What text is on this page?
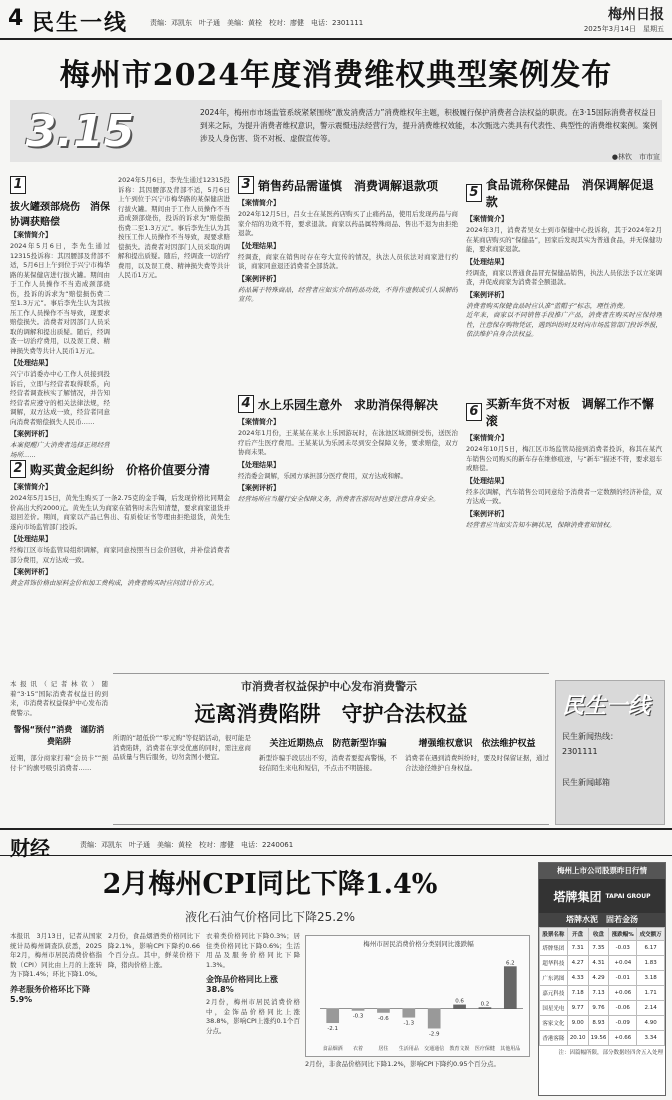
4 民生一线	责编：邓凯东　叶子通　美编：黄栓　校对：廖健　电话：2301111	梅州日报
2025年3月14日　星期五
梅州市2024年度消费维权典型案例发布
3.15	2024年，梅州市市场监管系统紧紧围绕“激发消费活力”消费维权年主题，积极履行保护消费者合法权益的职责。在3·15国际消费者权益日到来之际，为提升消费者维权意识，警示震慑违法经营行为，提升消费维权效能，本次甄选六类具有代表性、典型性的消费维权案例。案例涉及人身伤害、货不对板、虚假宣传等。
●林钦　市市宣
1
拔火罐颈部烧伤　消保协调获赔偿
【案情简介】
2024年5月6日，李先生通过12315投诉称：其因腰部及背部不适，5月6日上午到位于兴宁市梅华路的某保健店进行拔火罐。期间由于工作人员操作不当造成颈部烧伤，投诉的诉求为“赔偿损伤费二至1.3万元”。事后李先生认为其按压工作人员操作不当导致，现要求赔偿损失。消费者对因部门人员采取的调解和提出质疑。随后，经调查一切治疗费用，以及误工费、精神损失费等共计人民币1万元。
【处理结果】
兴宁市消委办中心工作人员接到投诉后，立即与经营者取得联系，向经营者调查核实了解情况，并告知经营者应遵守的相关法律法规，经调解，双方达成一致，经营者同意向消费者赔偿损失人民币……
【案例评析】
本案提醒广大消费者选择正规经营场所……
2024年5月6日，李先生通过12315投诉称：其因腰部及背部不适，5月6日上午到位于兴宁市梅华路的某保健店进行拔火罐。期间由于工作人员操作不当造成颈部烧伤，投诉的诉求为“赔偿损伤费二至1.3万元”。事后李先生认为其按压工作人员操作不当导致，现要求赔偿损失。消费者对因部门人员采取的调解和提出质疑。随后，经调查一切治疗费用，以及误工费、精神损失费等共计人民币1万元。
2 购买黄金起纠纷　价格价值要分清
【案情简介】
2024年5月15日，黄先生购买了一条2.75克的金手镯，后发现价格比同期金价高出大约2000元。黄先生认为商家在销售时未告知清楚，要求商家退货并退回差价。期间，商家以产品已售出、有质检证书等理由拒绝退货，黄先生遂向市场监管部门投诉。
【处理结果】
经梅江区市场监管局组织调解，商家同意按照当日金价回收，并补偿消费者部分费用，双方达成一致。
【案例评析】
黄金首饰价格由原料金价和加工费构成，消费者购买时应问清计价方式。
3 销售药品需谨慎　消费调解退款项
【案情简介】
2024年12月5日，吕女士在某医药店购买了止痛药品，使用后发现药品与商家介绍的功效不符，要求退款。商家以药品属特殊商品、售出不退为由拒绝退款。
【处理结果】
经调查，商家在销售时存在夸大宣传的情况，执法人员依法对商家进行约谈，商家同意退还消费者全部货款。
【案例评析】
药品属于特殊商品，经营者应如实介绍药品功效，不得作虚假或引人误解的宣传。
4 水上乐园生意外　求助消保得解决
【案情简介】
2024年1月份，王某某在某水上乐园游玩时，在泳池区域滑倒受伤，送医治疗后产生医疗费用。王某某认为乐园未尽到安全保障义务，要求赔偿，双方协商未果。
【处理结果】
经消委会调解，乐园方承担部分医疗费用，双方达成和解。
【案例评析】
经营场所应当履行安全保障义务，消费者在游玩时也要注意自身安全。
5 食品谎称保健品　消保调解促退款
【案情简介】
2024年3月，消费者吴女士到市保健中心投诉称，其于2024年2月在某商店购买的“保健品”，回家后发现其实为普通食品，并无保健功能，要求商家退款。
【处理结果】
经调查，商家以普通食品冒充保健品销售，执法人员依法予以立案调查，并促成商家为消费者全额退款。
【案例评析】
消费者购买保健食品时应认准“蓝帽子”标志，理性消费。
近年来，商家以不同销售手段推广产品，消费者在购买时应保持理性，注意保存购物凭证，遇到纠纷时及时向市场监管部门投诉举报，依法维护自身合法权益。
6 买新车货不对板　调解工作不懈滚
【案情简介】
2024年10月5日，梅江区市场监管局接到消费者投诉，称其在某汽车销售公司购买的新车存在维修痕迹，与“新车”描述不符，要求退车或赔偿。
【处理结果】
经多次调解，汽车销售公司同意给予消费者一定数额的经济补偿，双方达成一致。
【案例评析】
经营者应当如实告知车辆状况，保障消费者知情权。
本报讯（记者林钦）随着“3·15”国际消费者权益日的到来，市消费者权益保护中心发布消费警示。
警惕“预付”消费　谨防消费陷阱
近期，部分商家打着“会员卡”“预付卡”的旗号吸引消费者……
市消费者权益保护中心发布消费警示
远离消费陷阱　守护合法权益
所谓的“超低价”“零元购”等促销活动，很可能是消费陷阱，消费者在享受优惠的同时，需注意商品质量与售后服务，切勿贪图小便宜。
关注近期热点　防范新型诈骗
新型诈骗手段层出不穷，消费者要提高警惕，不轻信陌生来电和短信，不点击不明链接。
增强维权意识　依法维护权益
消费者在遇到消费纠纷时，要及时保留证据，通过合法途径维护自身权益。
民生一线
民生新闻热线：
2301111
民生新闻邮箱
财经	责编：邓凯东　叶子通　美编：黄栓　校对：廖健　电话：2240061
2月梅州CPI同比下降1.4%
液化石油气价格同比下降25.2%
本报讯　3月13日，记者从国家统计局梅州调查队获悉，2025年2月，梅州市居民消费价格指数（CPI）同比由上月的上涨转为下降1.4%；环比下降1.0%。
养老服务价格环比下降5.9%
2月份，食品烟酒类价格同比下降2.1%，影响CPI下降约0.66个百分点。其中，鲜菜价格下降，猪肉价格上涨。
衣着类价格同比下降0.3%；居住类价格同比下降0.6%；生活用品及服务价格同比下降1.3%。
金饰品价格同比上涨38.8%
2月份，梅州市居民消费价格中，金饰品价格同比上涨38.8%，影响CPI上涨约0.1个百分点。
2月份，非食品价格同比下降1.2%，影响CPI下降约0.95个百分点。
梅州市居民消费价格分类别同比涨跌幅
-2.1
食品烟酒
-0.3
衣着
-0.6
居住
-1.3
生活用品
-2.9
交通通信
0.6
教育文娱
0.2
医疗保健
6.2
其他用品
梅州上市公司股票昨日行情
塔牌集团 TAPAI GROUP
塔牌水泥　固若金汤
股票名称	开盘	收盘	涨跌幅%	成交额万
塔牌集团	7.31	7.35	-0.03	6.17
超华科技	4.27	4.31	+0.04	1.83
广东鸿图	4.33	4.29	-0.01	3.18
嘉元科技	7.18	7.13	+0.06	1.71
国星光电	9.77	9.76	-0.06	2.14
客家文化	9.00	8.93	-0.09	4.90
香港客隆	20.10	19.56	+0.66	3.34
注：因篇幅所限，部分数据经四舍五入处理
